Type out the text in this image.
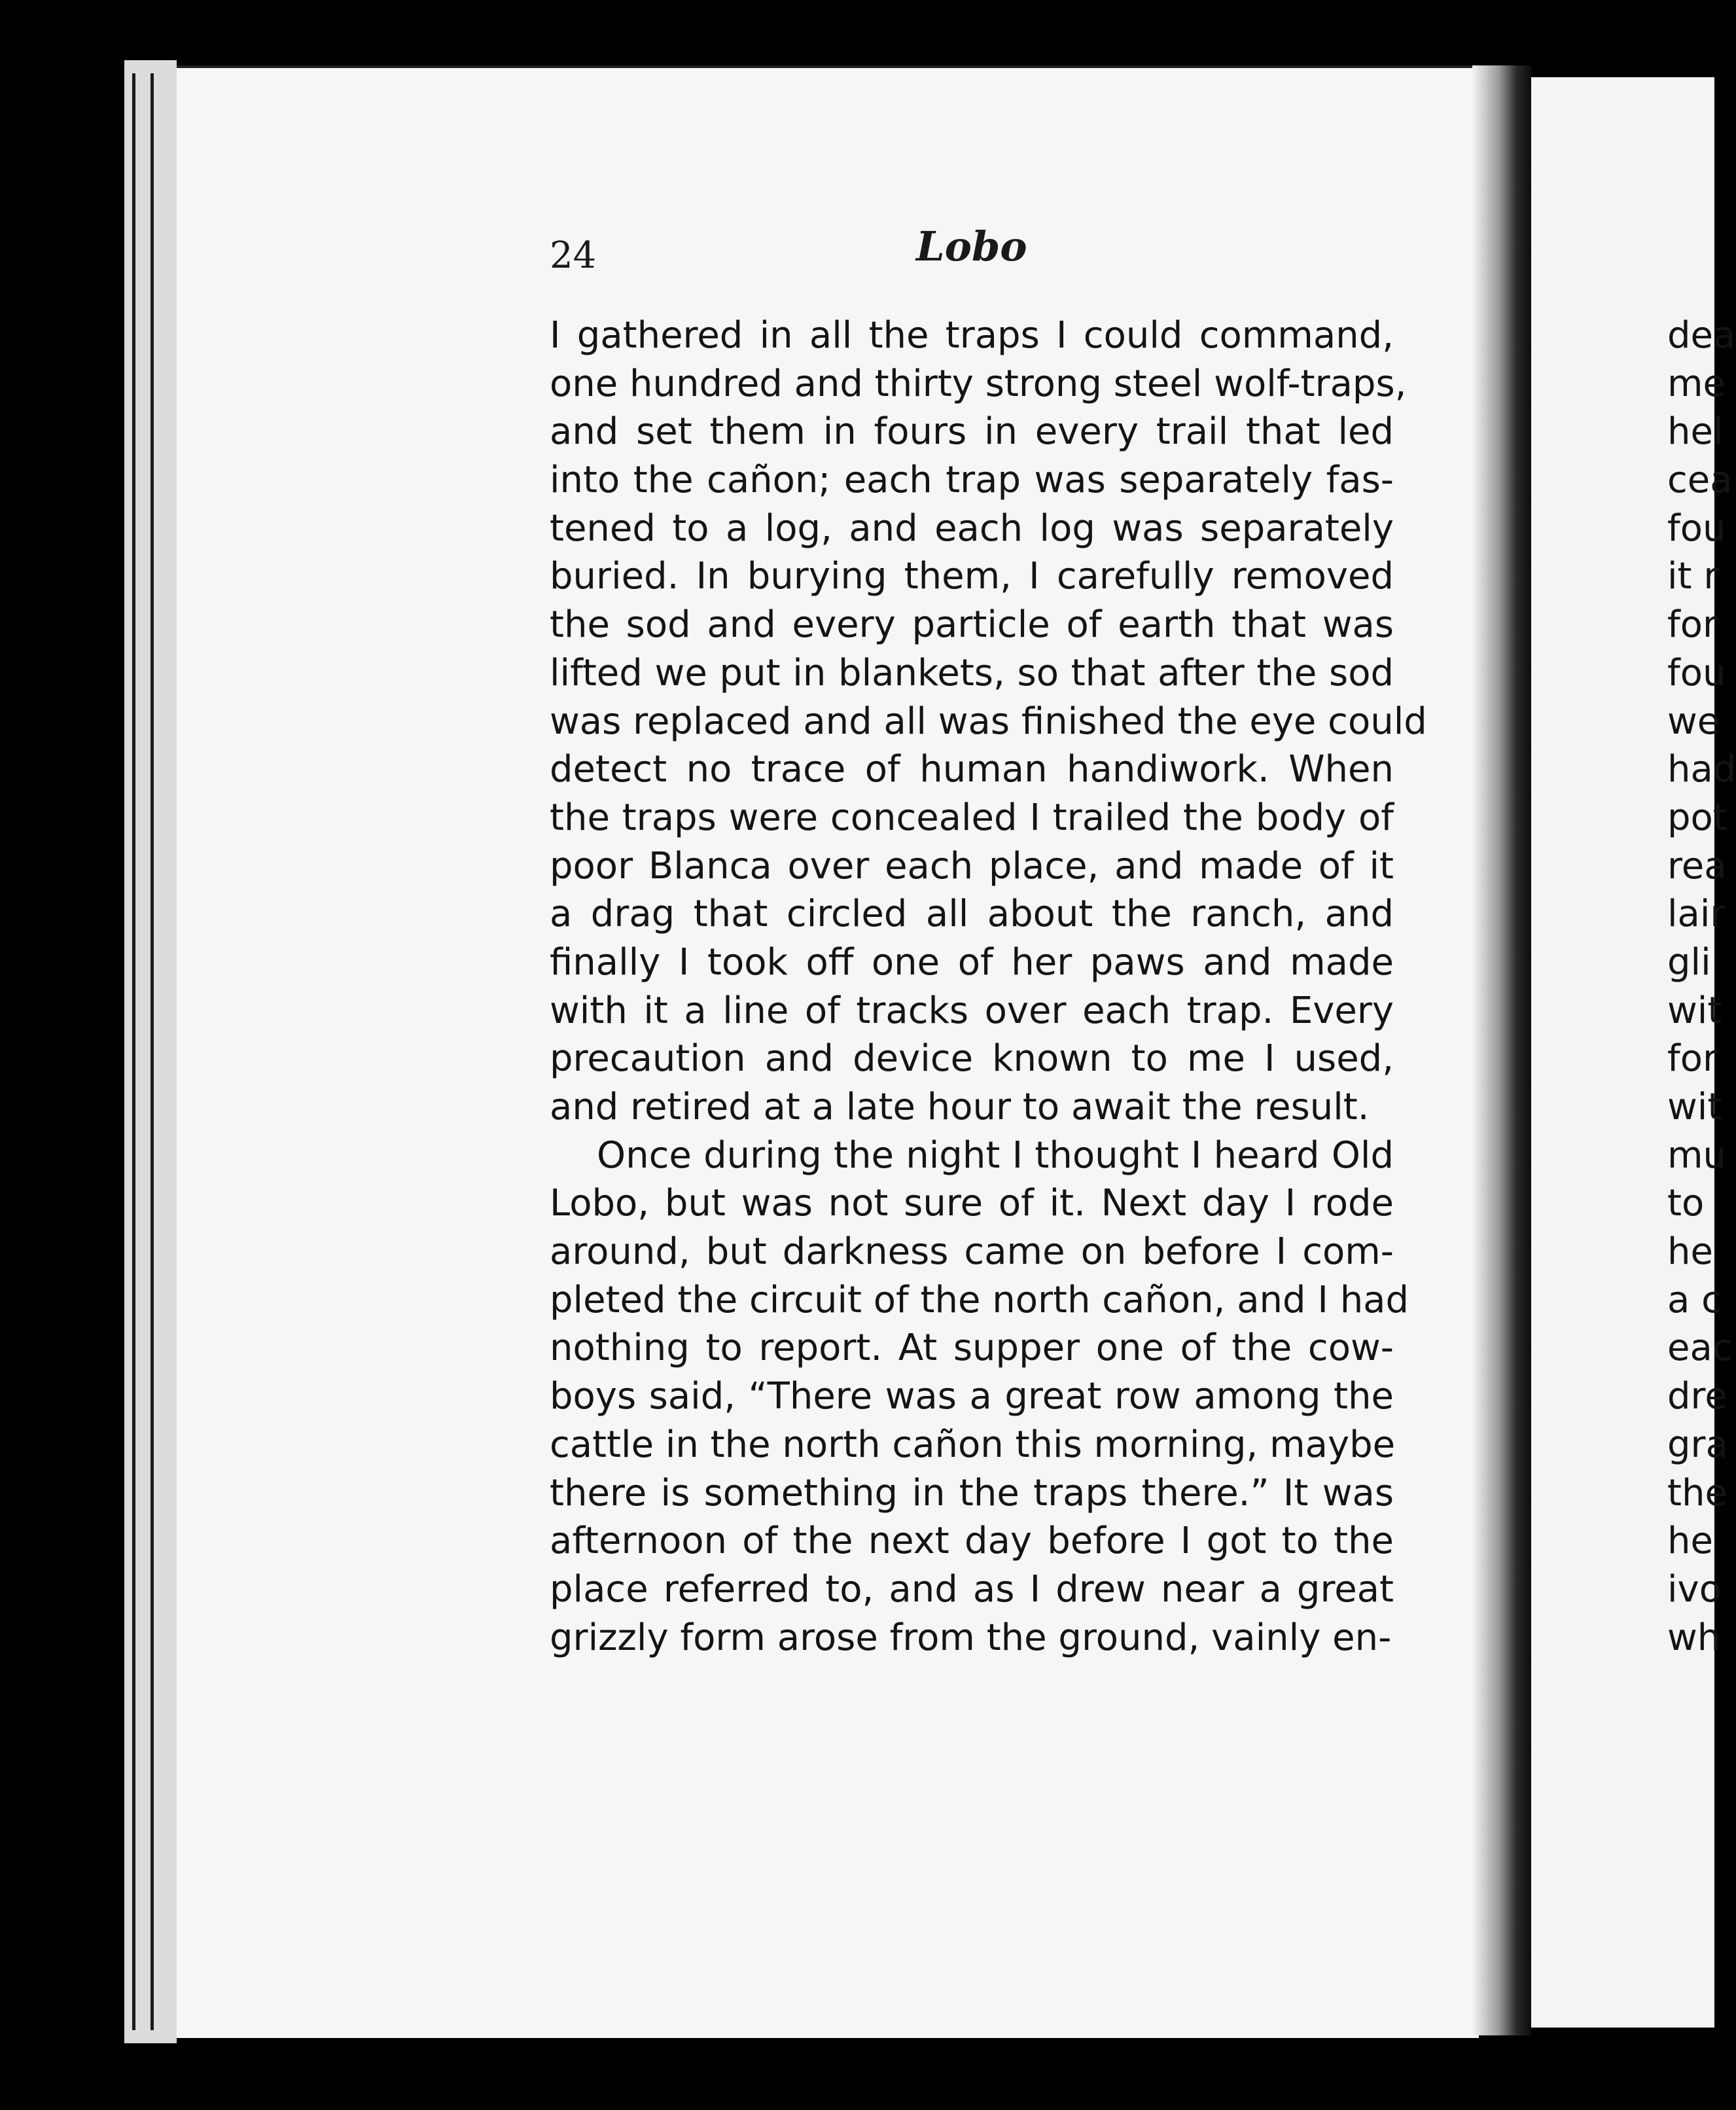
24	Lobo
I gathered in all the traps I could command,
one hundred and thirty strong steel wolf-traps,
and set them in fours in every trail that led
into the cañon; each trap was separately fas-
tened to a log, and each log was separately
buried. In burying them, I carefully removed
the sod and every particle of earth that was
lifted we put in blankets, so that after the sod
was replaced and all was finished the eye could
detect no trace of human handiwork. When
the traps were concealed I trailed the body of
poor Blanca over each place, and made of it
a drag that circled all about the ranch, and
finally I took off one of her paws and made
with it a line of tracks over each trap. Every
precaution and device known to me I used,
and retired at a late hour to await the result.
Once during the night I thought I heard Old
Lobo, but was not sure of it. Next day I rode
around, but darkness came on before I com-
pleted the circuit of the north cañon, and I had
nothing to report. At supper one of the cow-
boys said, “There was a great row among the
cattle in the north cañon this morning, maybe
there is something in the traps there.” It was
afternoon of the next day before I got to the
place referred to, and as I drew near a great
grizzly form arose from the ground, vainly en-
dea
me
hel
cea
fou
it r
for
fou
we
had
pot
rea
lair
gli
wit
for
wit
mu
to
he
a c
eac
dre
gra
the
he
ivo
wh
